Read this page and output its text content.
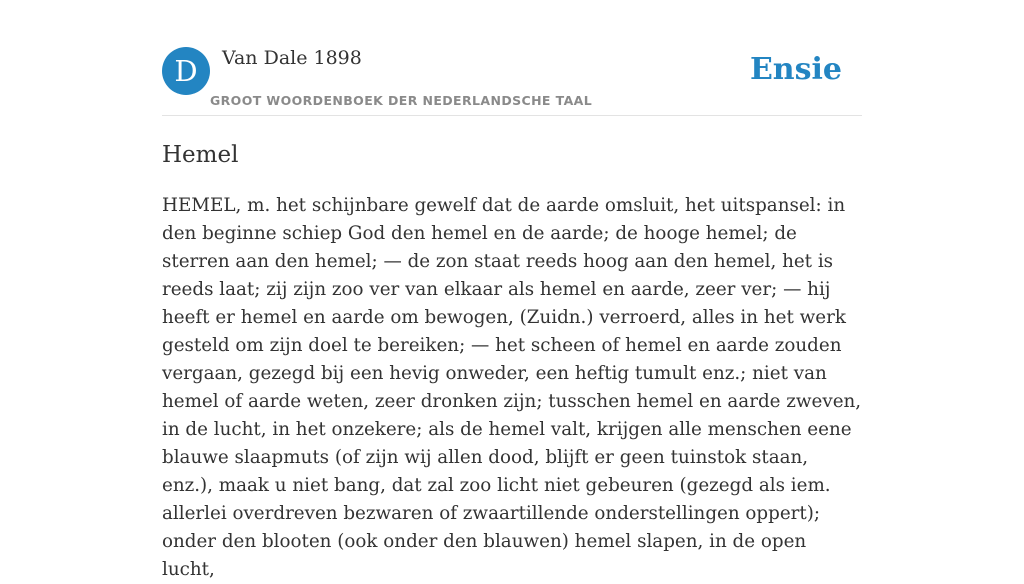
D	Van Dale 1898
GROOT WOORDENBOEK DER NEDERLANDSCHE TAAL
Ensie
Hemel

HEMEL, m. het schijnbare gewelf dat de aarde omsluit, het uitspansel: in den beginne schiep God den hemel en de aarde; de hooge hemel; de sterren aan den hemel; — de zon staat reeds hoog aan den hemel, het is reeds laat; zij zijn zoo ver van elkaar als hemel en aarde, zeer ver; — hij heeft er hemel en aarde om bewogen, (Zuidn.) verroerd, alles in het werk gesteld om zijn doel te bereiken; — het scheen of hemel en aarde zouden vergaan, gezegd bij een hevig onweder, een heftig tumult enz.; niet van hemel of aarde weten, zeer dronken zijn; tusschen hemel en aarde zweven, in de lucht, in het onzekere; als de hemel valt, krijgen alle menschen eene blauwe slaapmuts (of zijn wij allen dood, blijft er geen tuinstok staan, enz.), maak u niet bang, dat zal zoo licht niet gebeuren (gezegd als iem. allerlei overdreven bezwaren of zwaartillende onderstellingen oppert); onder den blooten (ook onder den blauwen) hemel slapen, in de open lucht,
